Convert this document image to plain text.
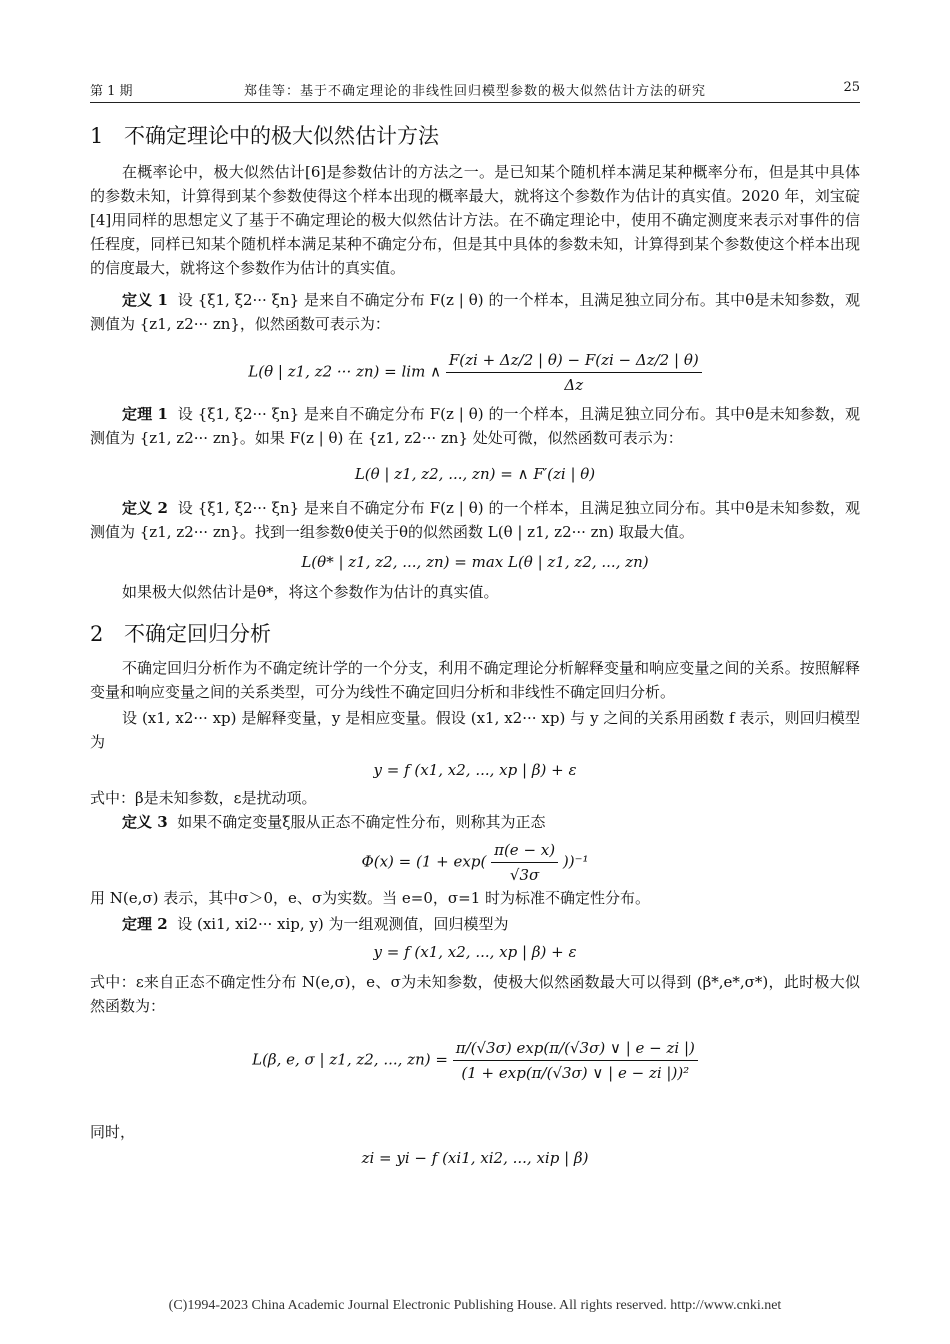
第 1 期	郑佳等：基于不确定理论的非线性回归模型参数的极大似然估计方法的研究	25
1 不确定理论中的极大似然估计方法
在概率论中，极大似然估计[6]是参数估计的方法之一。是已知某个随机样本满足某种概率分布，但是其中具体的参数未知，计算得到某个参数使得这个样本出现的概率最大，就将这个参数作为估计的真实值。2020 年，刘宝碇[4]用同样的思想定义了基于不确定理论的极大似然估计方法。在不确定理论中，使用不确定测度来表示对事件的信任程度，同样已知某个随机样本满足某种不确定分布，但是其中具体的参数未知，计算得到某个参数使这个样本出现的信度最大，就将这个参数作为估计的真实值。
定义 1 设 {ξ1, ξ2··· ξn} 是来自不确定分布 F(z | θ) 的一个样本，且满足独立同分布。其中θ是未知参数，观测值为 {z1, z2··· zn}，似然函数可表示为：
L(θ | z1, z2 ··· zn) = lim ∧ $\frac{F(zi + \Delta z/2 | \theta) - F(zi - \Delta z/2 | \theta)}{\Delta z}$
定理 1 设 {ξ1, ξ2··· ξn} 是来自不确定分布 F(z | θ) 的一个样本，且满足独立同分布。其中θ是未知参数，观测值为 {z1, z2··· zn}。如果 F(z | θ) 在 {z1, z2··· zn} 处处可微，似然函数可表示为：
L(θ | z1, z2, ..., zn) = ∧ F′(zi | θ)
定义 2 设 {ξ1, ξ2··· ξn} 是来自不确定分布 F(z | θ) 的一个样本，且满足独立同分布。其中θ是未知参数，观测值为 {z1, z2··· zn}。找到一组参数θ使关于θ的似然函数 L(θ | z1, z2··· zn) 取最大值。
L(θ* | z1, z2, ..., zn) = max L(θ | z1, z2, ..., zn)
如果极大似然估计是θ*，将这个参数作为估计的真实值。
2 不确定回归分析
不确定回归分析作为不确定统计学的一个分支，利用不确定理论分析解释变量和响应变量之间的关系。按照解释变量和响应变量之间的关系类型，可分为线性不确定回归分析和非线性不确定回归分析。
设 (x1, x2··· xp) 是解释变量，y 是相应变量。假设 (x1, x2··· xp) 与 y 之间的关系用函数 f 表示，则回归模型为
y = f (x1, x2, ..., xp | β) + ε
式中：β是未知参数，ε是扰动项。
定义 3 如果不确定变量ξ服从正态不确定性分布，则称其为正态
$\Phi(x) = (1 + \exp( \frac{\pi(e - x)}{√3\sigma} ))^{-1}$
用 N(e,σ) 表示，其中σ＞0，e、σ为实数。当 e=0，σ=1 时为标准不确定性分布。
定理 2 设 (xi1, xi2··· xip, y) 为一组观测值，回归模型为
y = f (x1, x2, ..., xp | β) + ε
式中：ε来自正态不确定性分布 N(e,σ)，e、σ为未知参数，使极大似然函数最大可以得到 (β*,e*,σ*)，此时极大似然函数为：
L(β, e, σ | z1, z2, ..., $zn) = \frac{\pi/(√3\sigma) \exp(\pi/(√3\sigma) \vee | e - zi |)}{\text{(1 + exp(π/(√3σ) ∨ | e − zi |))²}}$
同时，
zi = yi − f (xi1, xi2, ..., xip | β)
(C)1994-2023 China Academic Journal Electronic Publishing House. All rights reserved. http://www.cnki.net
